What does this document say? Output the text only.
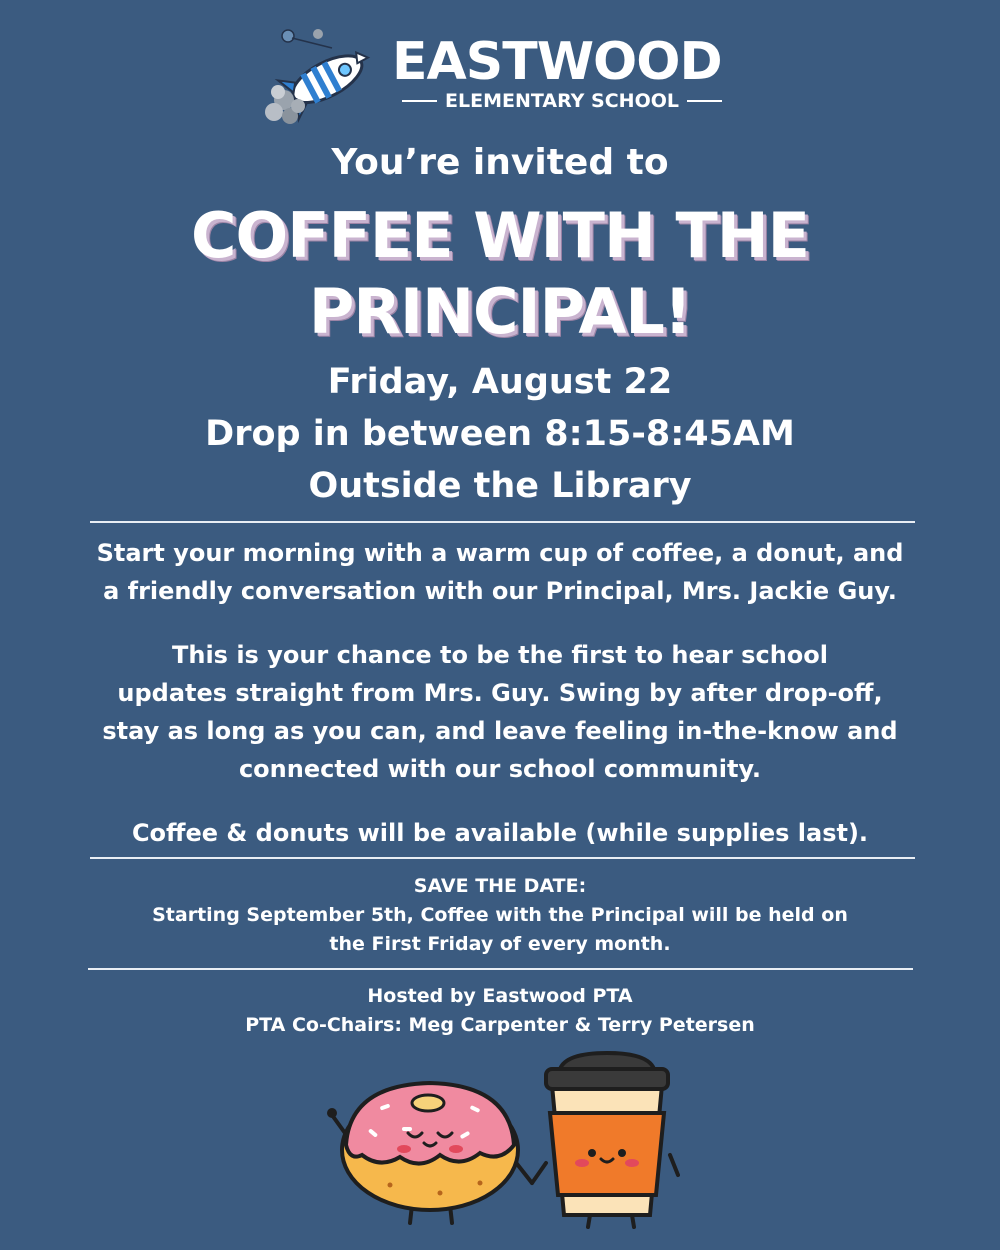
EASTWOOD
ELEMENTARY SCHOOL
You’re invited to
COFFEE WITH THE
PRINCIPAL!
Friday, August 22
Drop in between 8:15-8:45AM
Outside the Library
Start your morning with a warm cup of coffee, a donut, and
a friendly conversation with our Principal, Mrs. Jackie Guy.
This is your chance to be the first to hear school
updates straight from Mrs. Guy. Swing by after drop-off,
stay as long as you can, and leave feeling in-the-know and
connected with our school community.
Coffee & donuts will be available (while supplies last).
SAVE THE DATE:
Starting September 5th, Coffee with the Principal will be held on
the First Friday of every month.
Hosted by Eastwood PTA
PTA Co-Chairs: Meg Carpenter & Terry Petersen
